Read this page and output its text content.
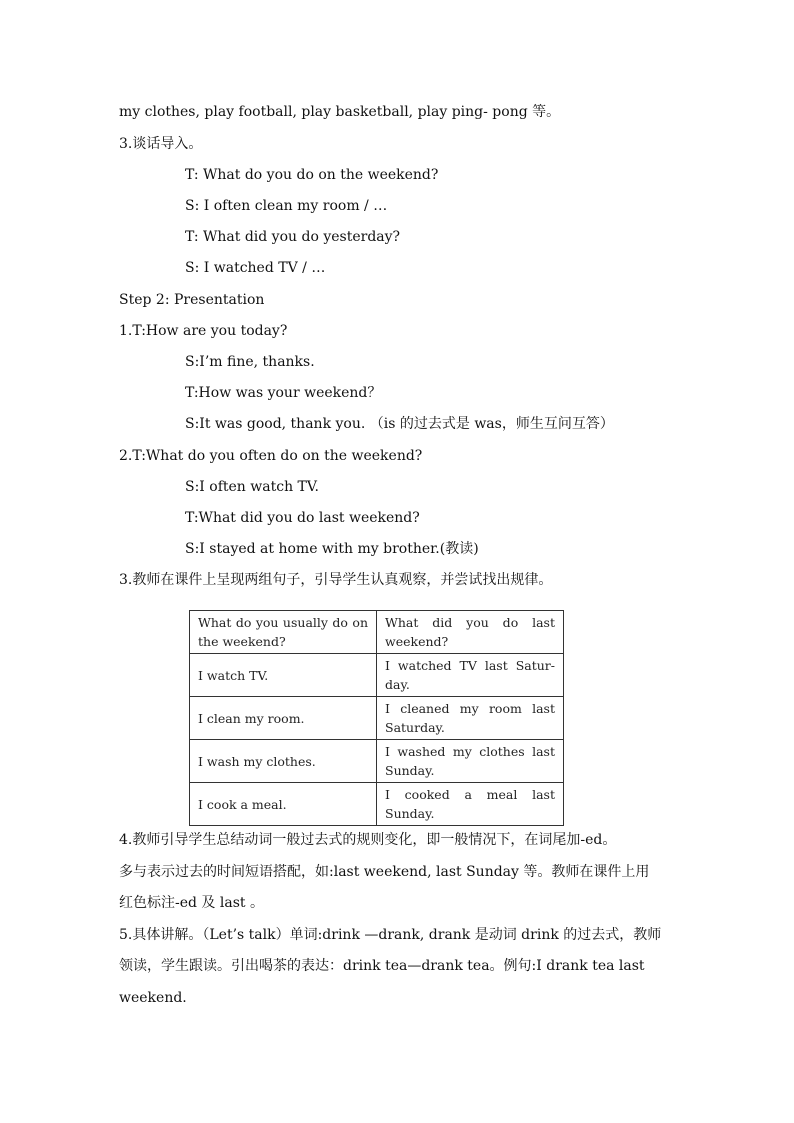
my clothes, play football, play basketball, play ping- pong 等。
3.谈话导入。
T: What do you do on the weekend?
S: I often clean my room / …
T: What did you do yesterday?
S: I watched TV / …
Step 2: Presentation
1.T:How are you today?
S:I’m fine, thanks.
T:How was your weekend？
S:It was good, thank you. （is 的过去式是 was，师生互问互答）
2.T:What do you often do on the weekend?
S:I often watch TV.
T:What did you do last weekend?
S:I stayed at home with my brother.(教读)
3.教师在课件上呈现两组句子，引导学生认真观察，并尝试找出规律。
What do you usually do on the weekend?	What did you do last weekend?
I watch TV.	I watched TV last Satur-day.
I clean my room.	I cleaned my room last Saturday.
I wash my clothes.	I washed my clothes last Sunday.
I cook a meal.	I cooked a meal last Sunday.
4.教师引导学生总结动词一般过去式的规则变化，即一般情况下，在词尾加-ed。
多与表示过去的时间短语搭配，如:last weekend, last Sunday 等。教师在课件上用
红色标注-ed 及 last 。
5.具体讲解。（Let’s talk）单词:drink —drank, drank 是动词 drink 的过去式，教师
领读，学生跟读。引出喝茶的表达：drink tea—drank tea。例句:I drank tea last
weekend.
